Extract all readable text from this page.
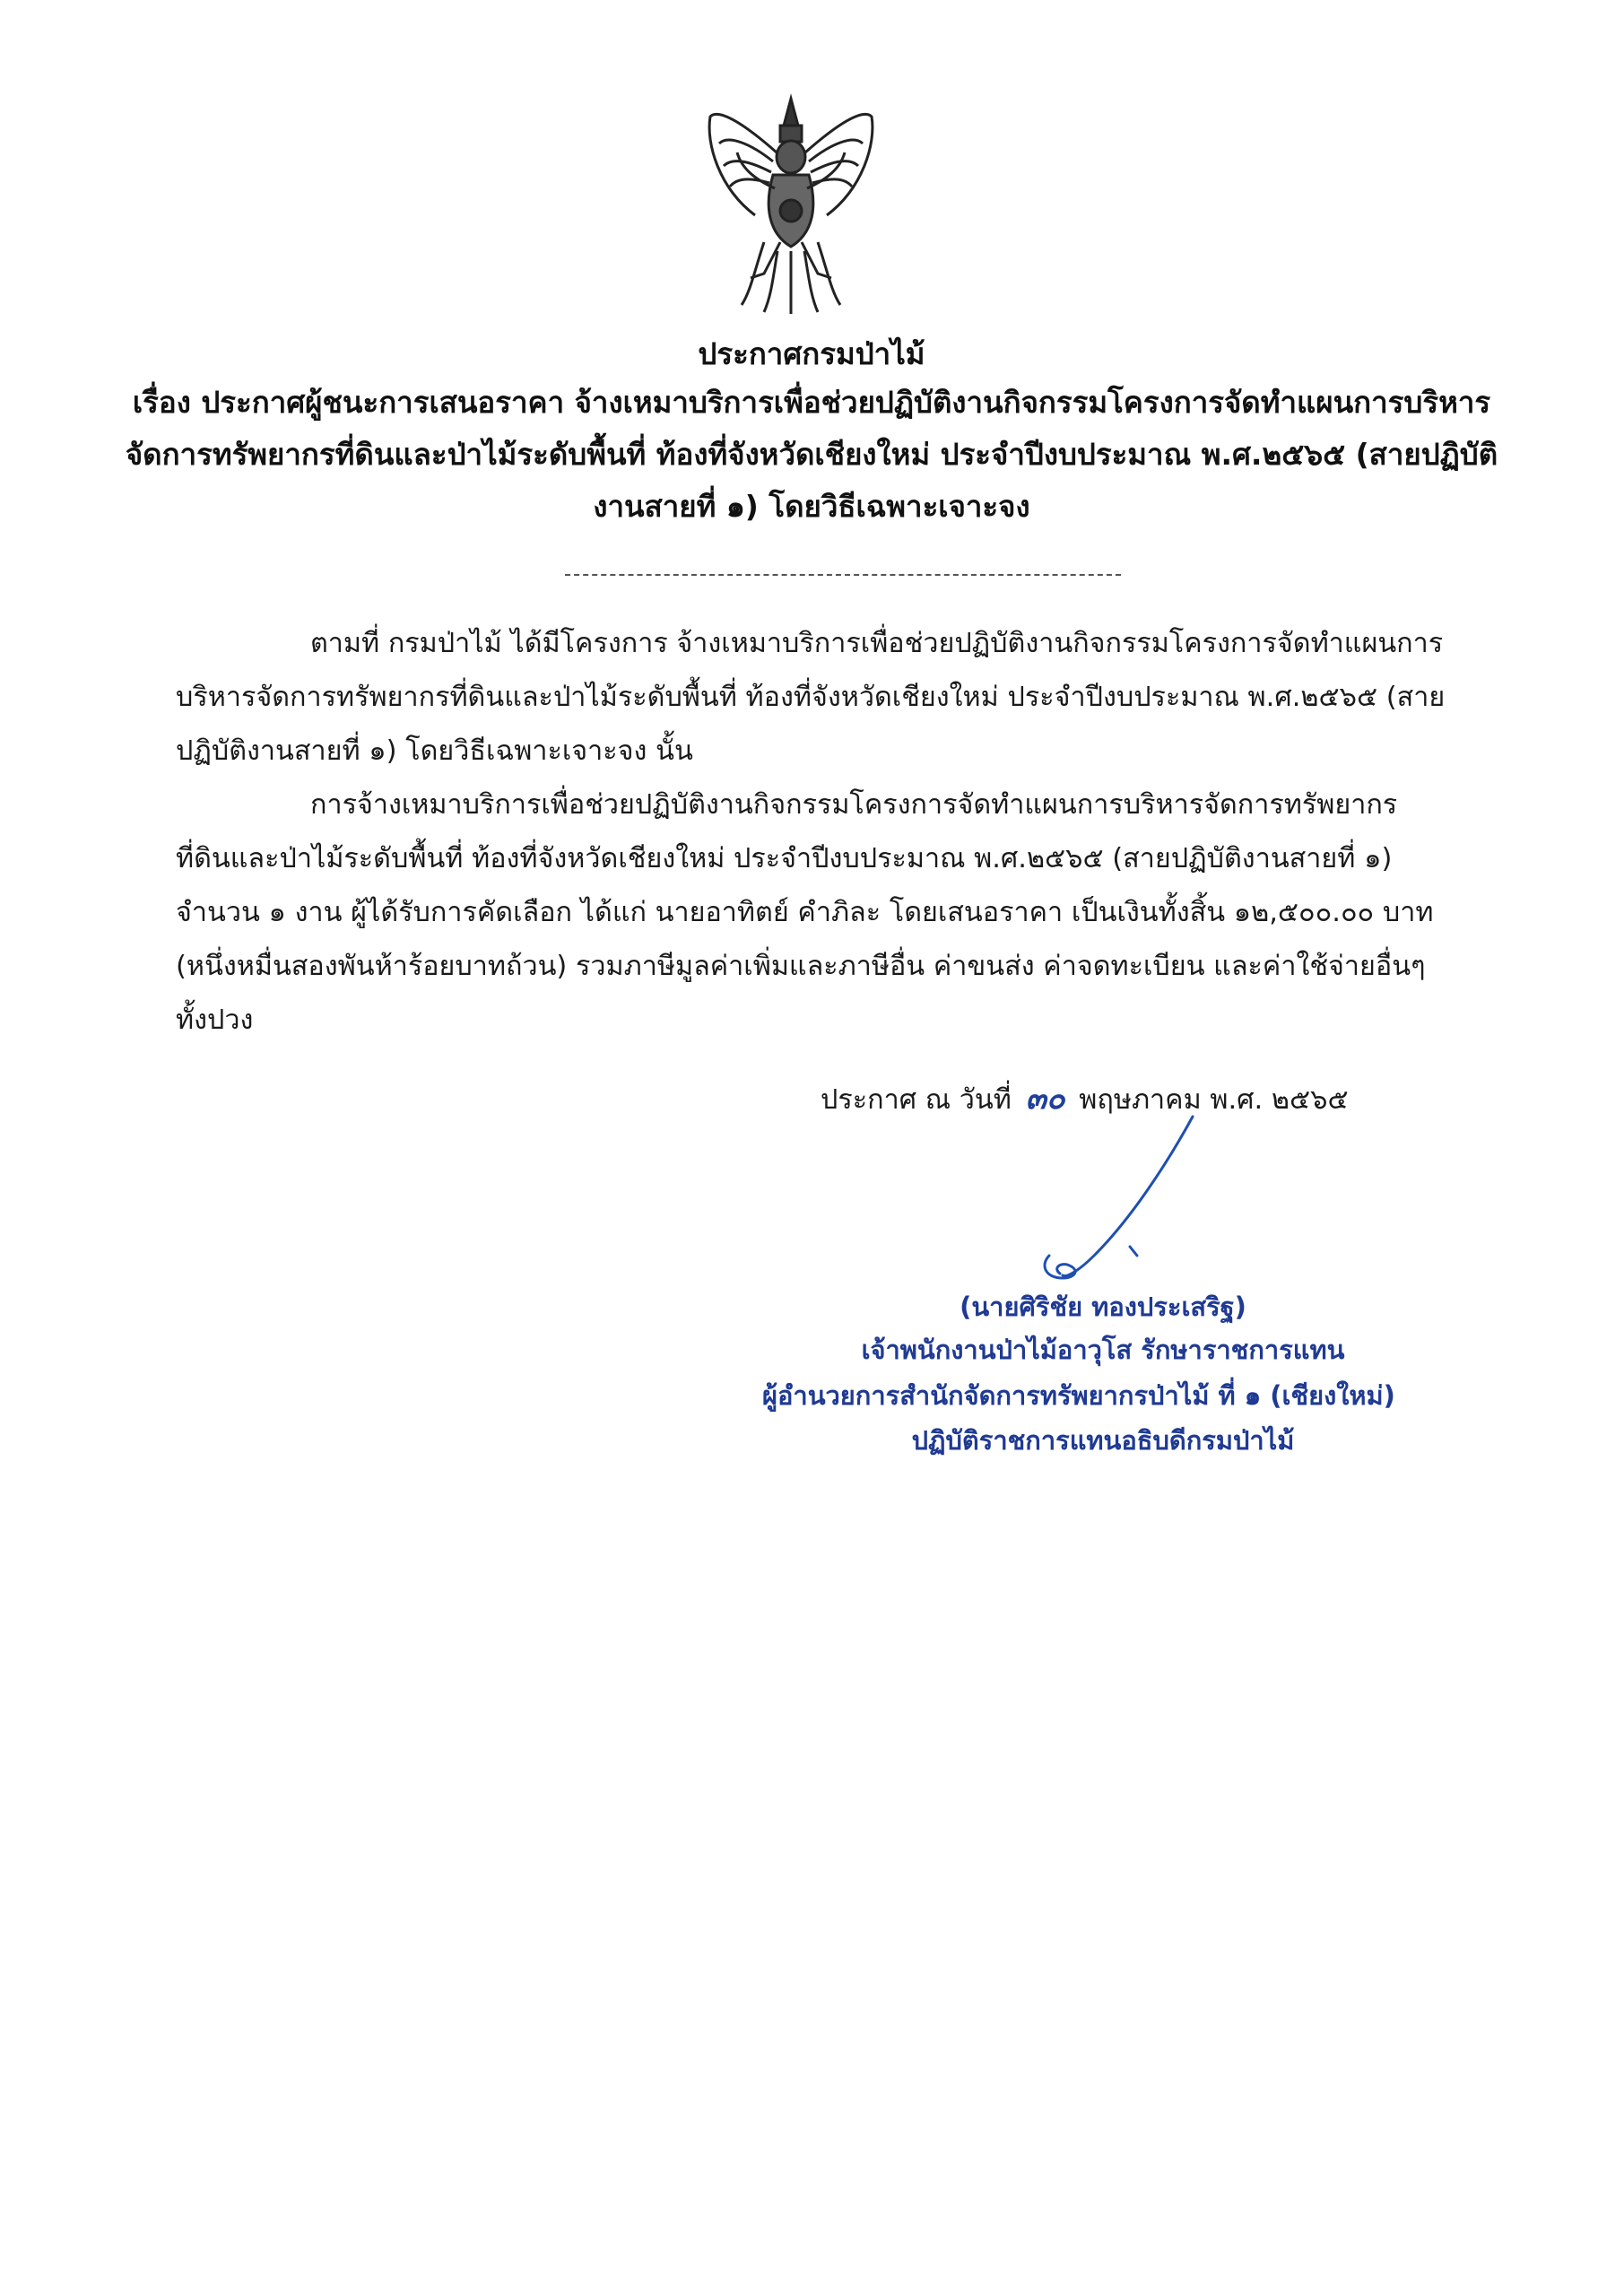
ประกาศกรมป่าไม้
เรื่อง ประกาศผู้ชนะการเสนอราคา จ้างเหมาบริการเพื่อช่วยปฏิบัติงานกิจกรรมโครงการจัดทำแผนการบริหาร
จัดการทรัพยากรที่ดินและป่าไม้ระดับพื้นที่ ท้องที่จังหวัดเชียงใหม่ ประจำปีงบประมาณ พ.ศ.๒๕๖๕ (สายปฏิบัติ
งานสายที่ ๑) โดยวิธีเฉพาะเจาะจง

ตามที่ กรมป่าไม้ ได้มีโครงการ จ้างเหมาบริการเพื่อช่วยปฏิบัติงานกิจกรรมโครงการจัดทำแผนการบริหารจัดการทรัพยากรที่ดินและป่าไม้ระดับพื้นที่ ท้องที่จังหวัดเชียงใหม่ ประจำปีงบประมาณ พ.ศ.๒๕๖๕ (สายปฏิบัติงานสายที่ ๑) โดยวิธีเฉพาะเจาะจง นั้น

การจ้างเหมาบริการเพื่อช่วยปฏิบัติงานกิจกรรมโครงการจัดทำแผนการบริหารจัดการทรัพยากรที่ดินและป่าไม้ระดับพื้นที่ ท้องที่จังหวัดเชียงใหม่ ประจำปีงบประมาณ พ.ศ.๒๕๖๕ (สายปฏิบัติงานสายที่ ๑) จำนวน ๑ งาน ผู้ได้รับการคัดเลือก ได้แก่ นายอาทิตย์ คำภิละ โดยเสนอราคา เป็นเงินทั้งสิ้น ๑๒,๕๐๐.๐๐ บาท (หนึ่งหมื่นสองพันห้าร้อยบาทถ้วน) รวมภาษีมูลค่าเพิ่มและภาษีอื่น ค่าขนส่ง ค่าจดทะเบียน และค่าใช้จ่ายอื่นๆ ทั้งปวง

ประกาศ ณ วันที่ ๓๐ พฤษภาคม พ.ศ. ๒๕๖๕
(นายศิริชัย ทองประเสริฐ)
เจ้าพนักงานป่าไม้อาวุโส รักษาราชการแทน
ผู้อำนวยการสำนักจัดการทรัพยากรป่าไม้ ที่ ๑ (เชียงใหม่)
ปฏิบัติราชการแทนอธิบดีกรมป่าไม้
